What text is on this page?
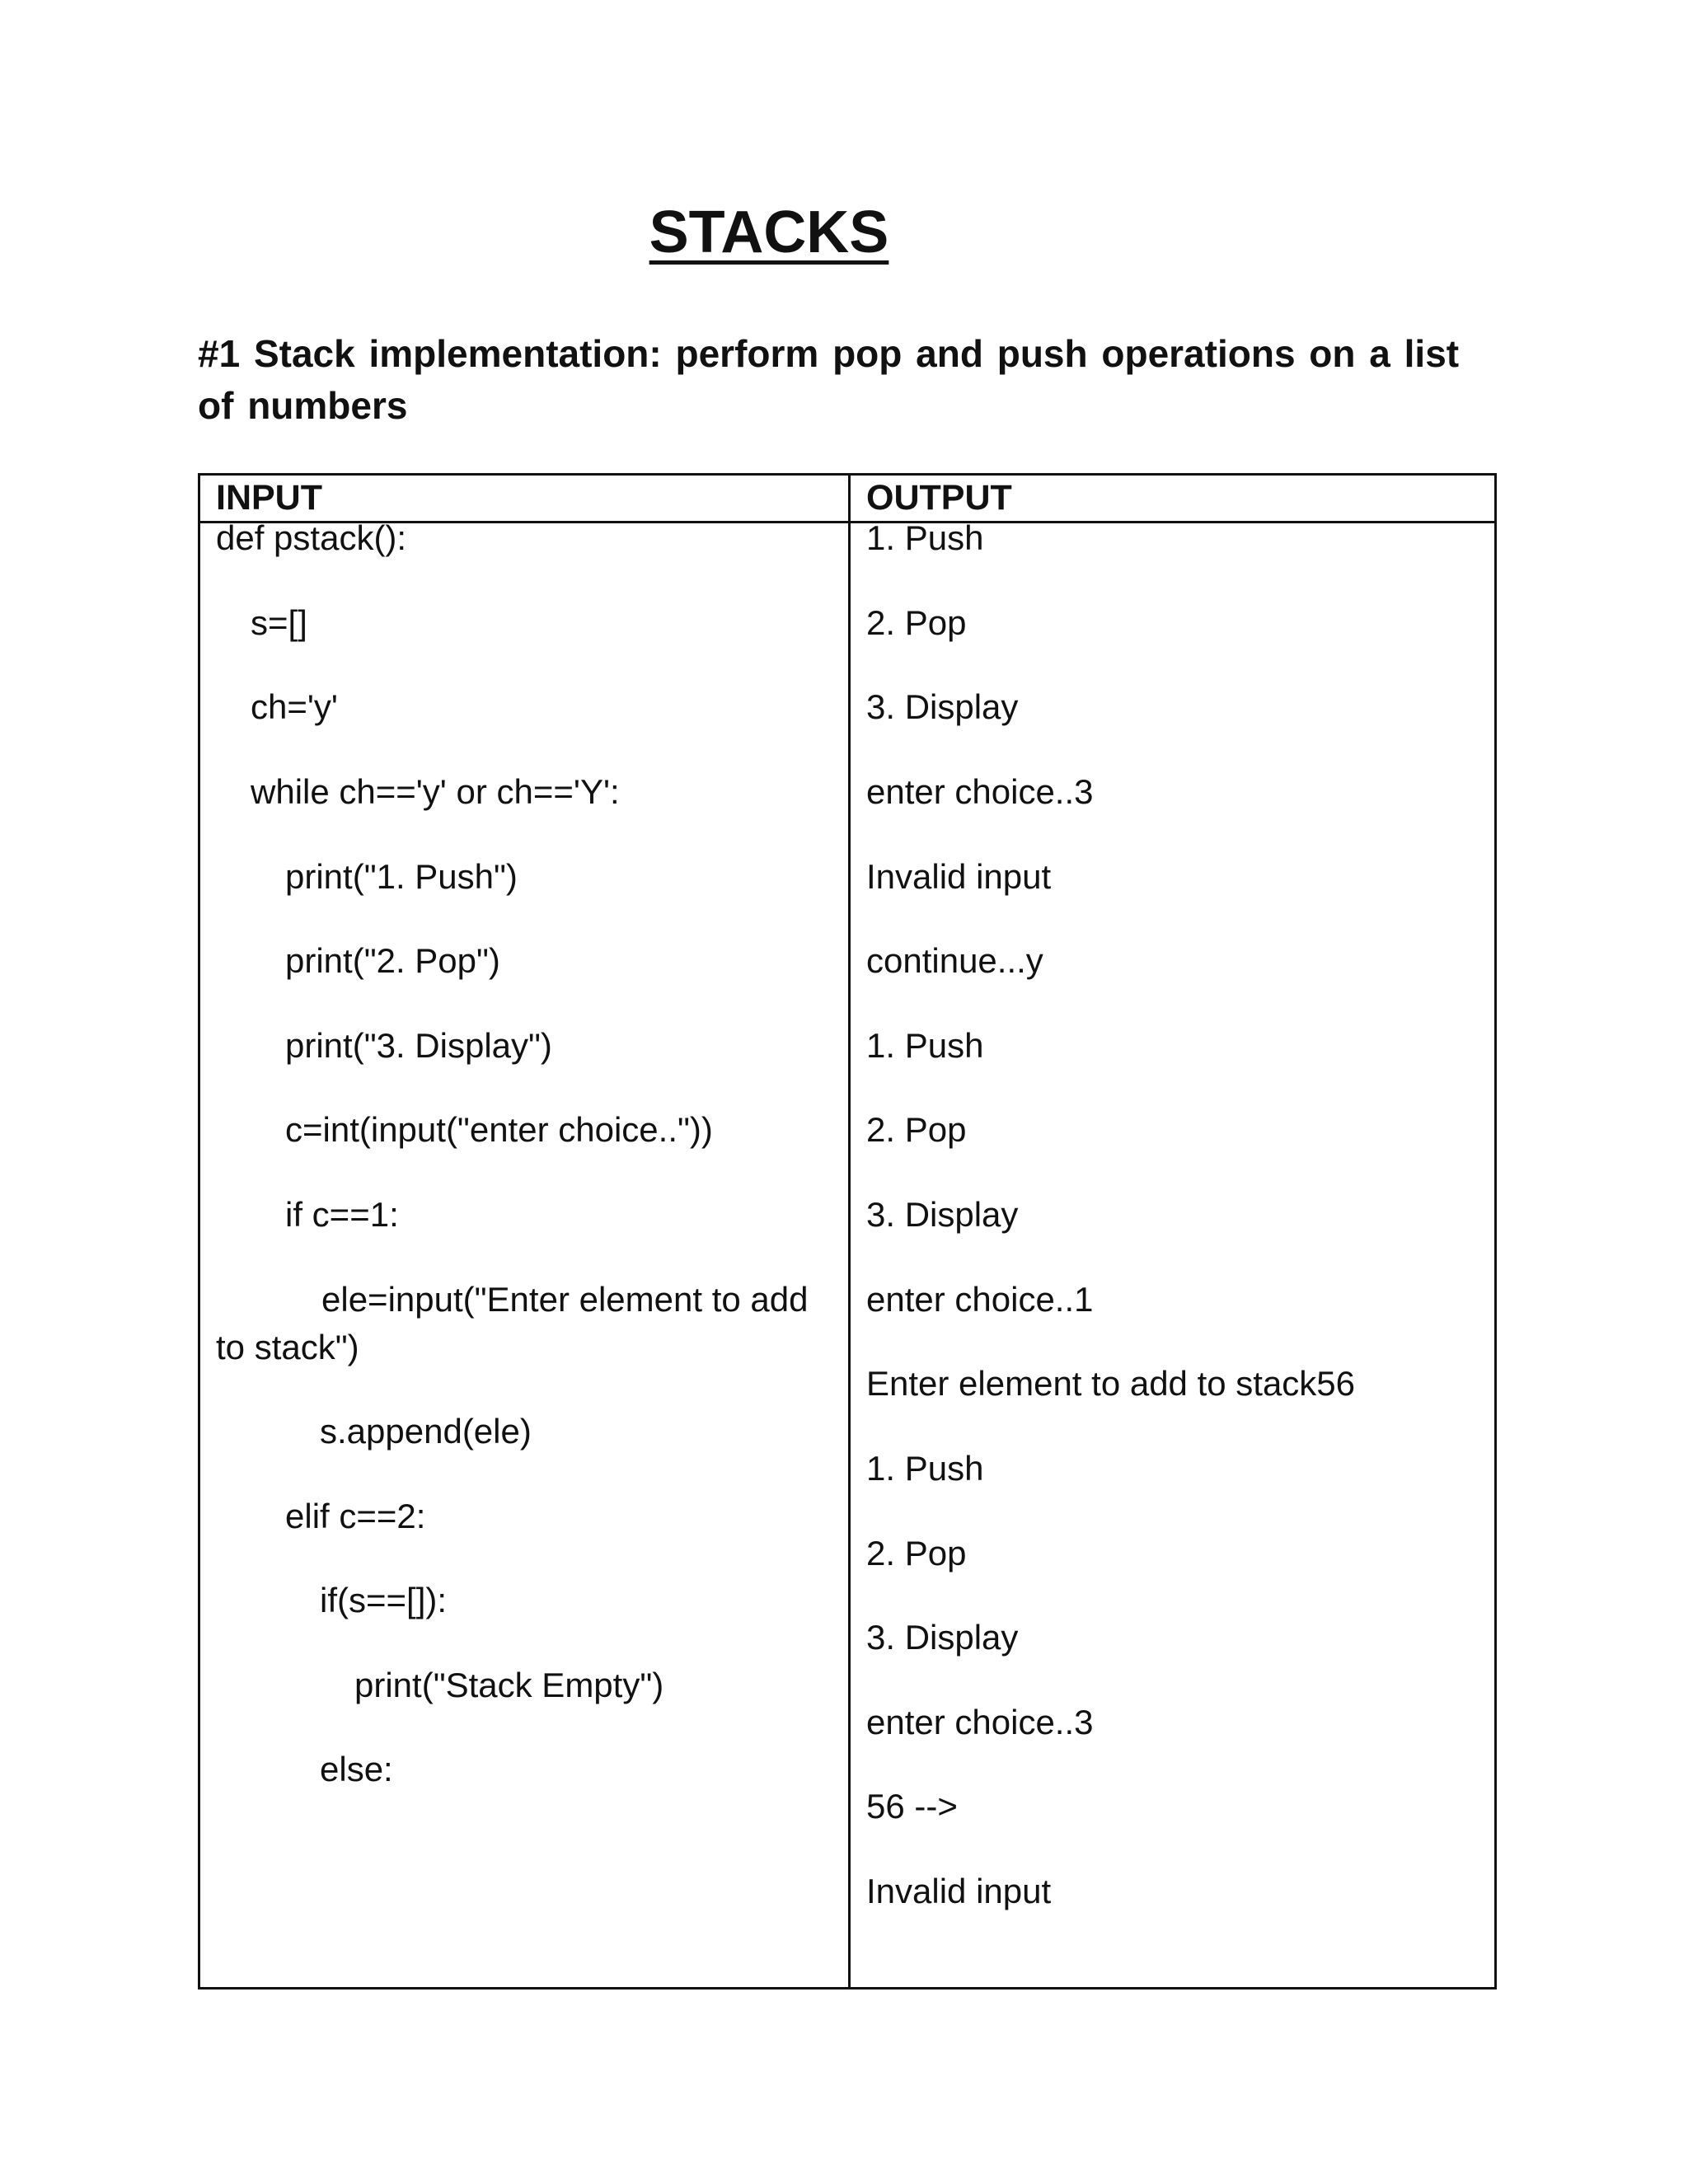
STACKS
#1 Stack implementation: perform pop and push operations on a list of numbers
INPUT	OUTPUT
def pstack():
s=[]
ch='y'
while ch=='y' or ch=='Y':
print("1. Push")
print("2. Pop")
print("3. Display")
c=int(input("enter choice.."))
if c==1:
ele=input("Enter element to add to stack")
s.append(ele)
elif c==2:
if(s==[]):
print("Stack Empty")
else:
1. Push
2. Pop
3. Display
enter choice..3
Invalid input
continue...y
1. Push
2. Pop
3. Display
enter choice..1
Enter element to add to stack56
1. Push
2. Pop
3. Display
enter choice..3
56 -->
Invalid input
